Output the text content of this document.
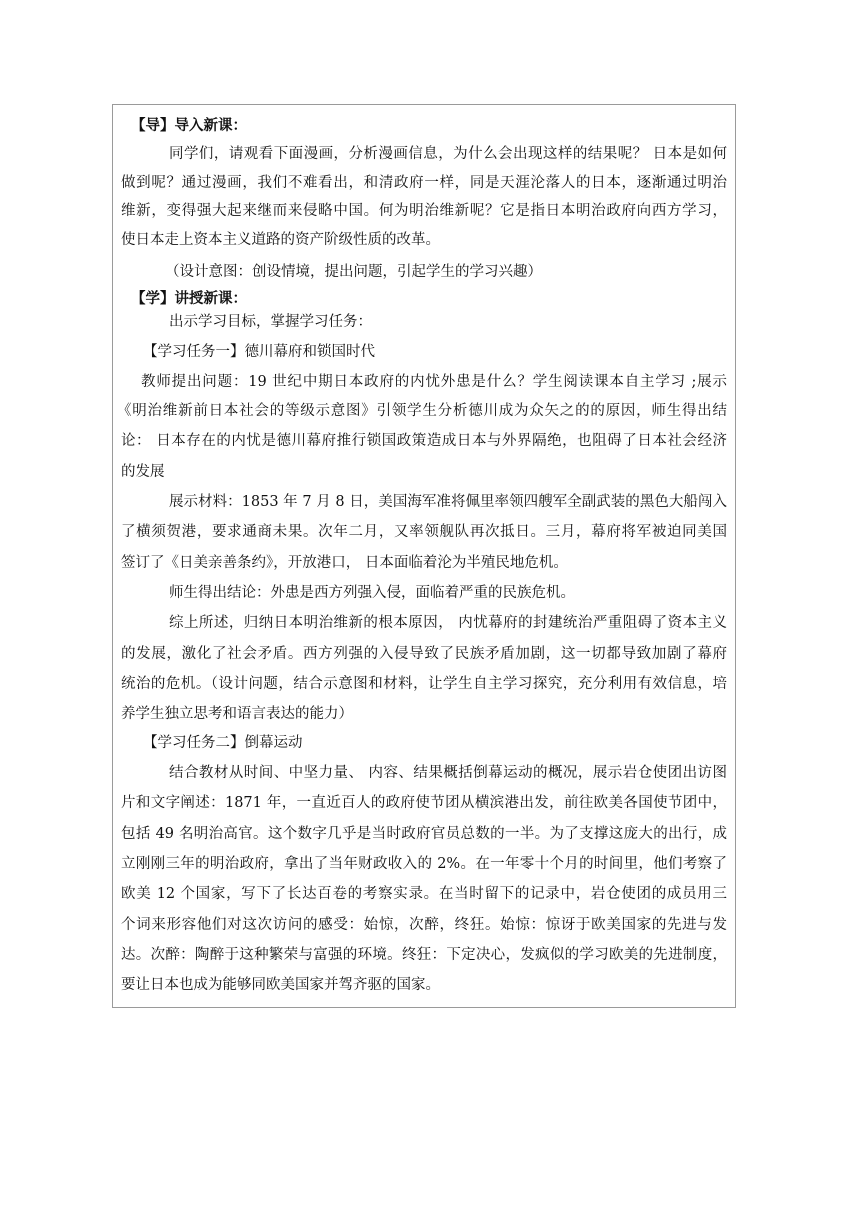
【导】导入新课：
同学们，请观看下面漫画，分析漫画信息，为什么会出现这样的结果呢？ 日本是如何
做到呢？通过漫画，我们不难看出，和清政府一样，同是天涯沦落人的日本，逐渐通过明治
维新，变得强大起来继而来侵略中国。何为明治维新呢？它是指日本明治政府向西方学习，
使日本走上资本主义道路的资产阶级性质的改革。
（设计意图：创设情境，提出问题，引起学生的学习兴趣）
【学】讲授新课：
出示学习目标，掌握学习任务：
【学习任务一】德川幕府和锁国时代
教师提出问题：19 世纪中期日本政府的内忧外患是什么？学生阅读课本自主学习 ;展示
《明治维新前日本社会的等级示意图》引领学生分析德川成为众矢之的的原因，师生得出结
论： 日本存在的内忧是德川幕府推行锁国政策造成日本与外界隔绝，也阻碍了日本社会经济
的发展
展示材料：1853 年 7 月 8 日，美国海军准将佩里率领四艘军全副武装的黑色大船闯入
了横须贺港，要求通商未果。次年二月，又率领舰队再次抵日。三月，幕府将军被迫同美国
签订了《日美亲善条约》，开放港口， 日本面临着沦为半殖民地危机。
师生得出结论：外患是西方列强入侵，面临着严重的民族危机。
综上所述，归纳日本明治维新的根本原因， 内忧幕府的封建统治严重阻碍了资本主义
的发展，激化了社会矛盾。西方列强的入侵导致了民族矛盾加剧，这一切都导致加剧了幕府
统治的危机。（设计问题，结合示意图和材料，让学生自主学习探究，充分利用有效信息，培
养学生独立思考和语言表达的能力）
【学习任务二】倒幕运动
结合教材从时间、中坚力量、 内容、结果概括倒幕运动的概况，展示岩仓使团出访图
片和文字阐述：1871 年，一直近百人的政府使节团从横滨港出发，前往欧美各国使节团中，
包括 49 名明治高官。这个数字几乎是当时政府官员总数的一半。为了支撑这庞大的出行，成
立刚刚三年的明治政府，拿出了当年财政收入的 2%。在一年零十个月的时间里，他们考察了
欧美 12 个国家，写下了长达百卷的考察实录。在当时留下的记录中，岩仓使团的成员用三
个词来形容他们对这次访问的感受：始惊，次醉，终狂。始惊：惊讶于欧美国家的先进与发
达。次醉：陶醉于这种繁荣与富强的环境。终狂：下定决心，发疯似的学习欧美的先进制度，
要让日本也成为能够同欧美国家并驾齐驱的国家。
